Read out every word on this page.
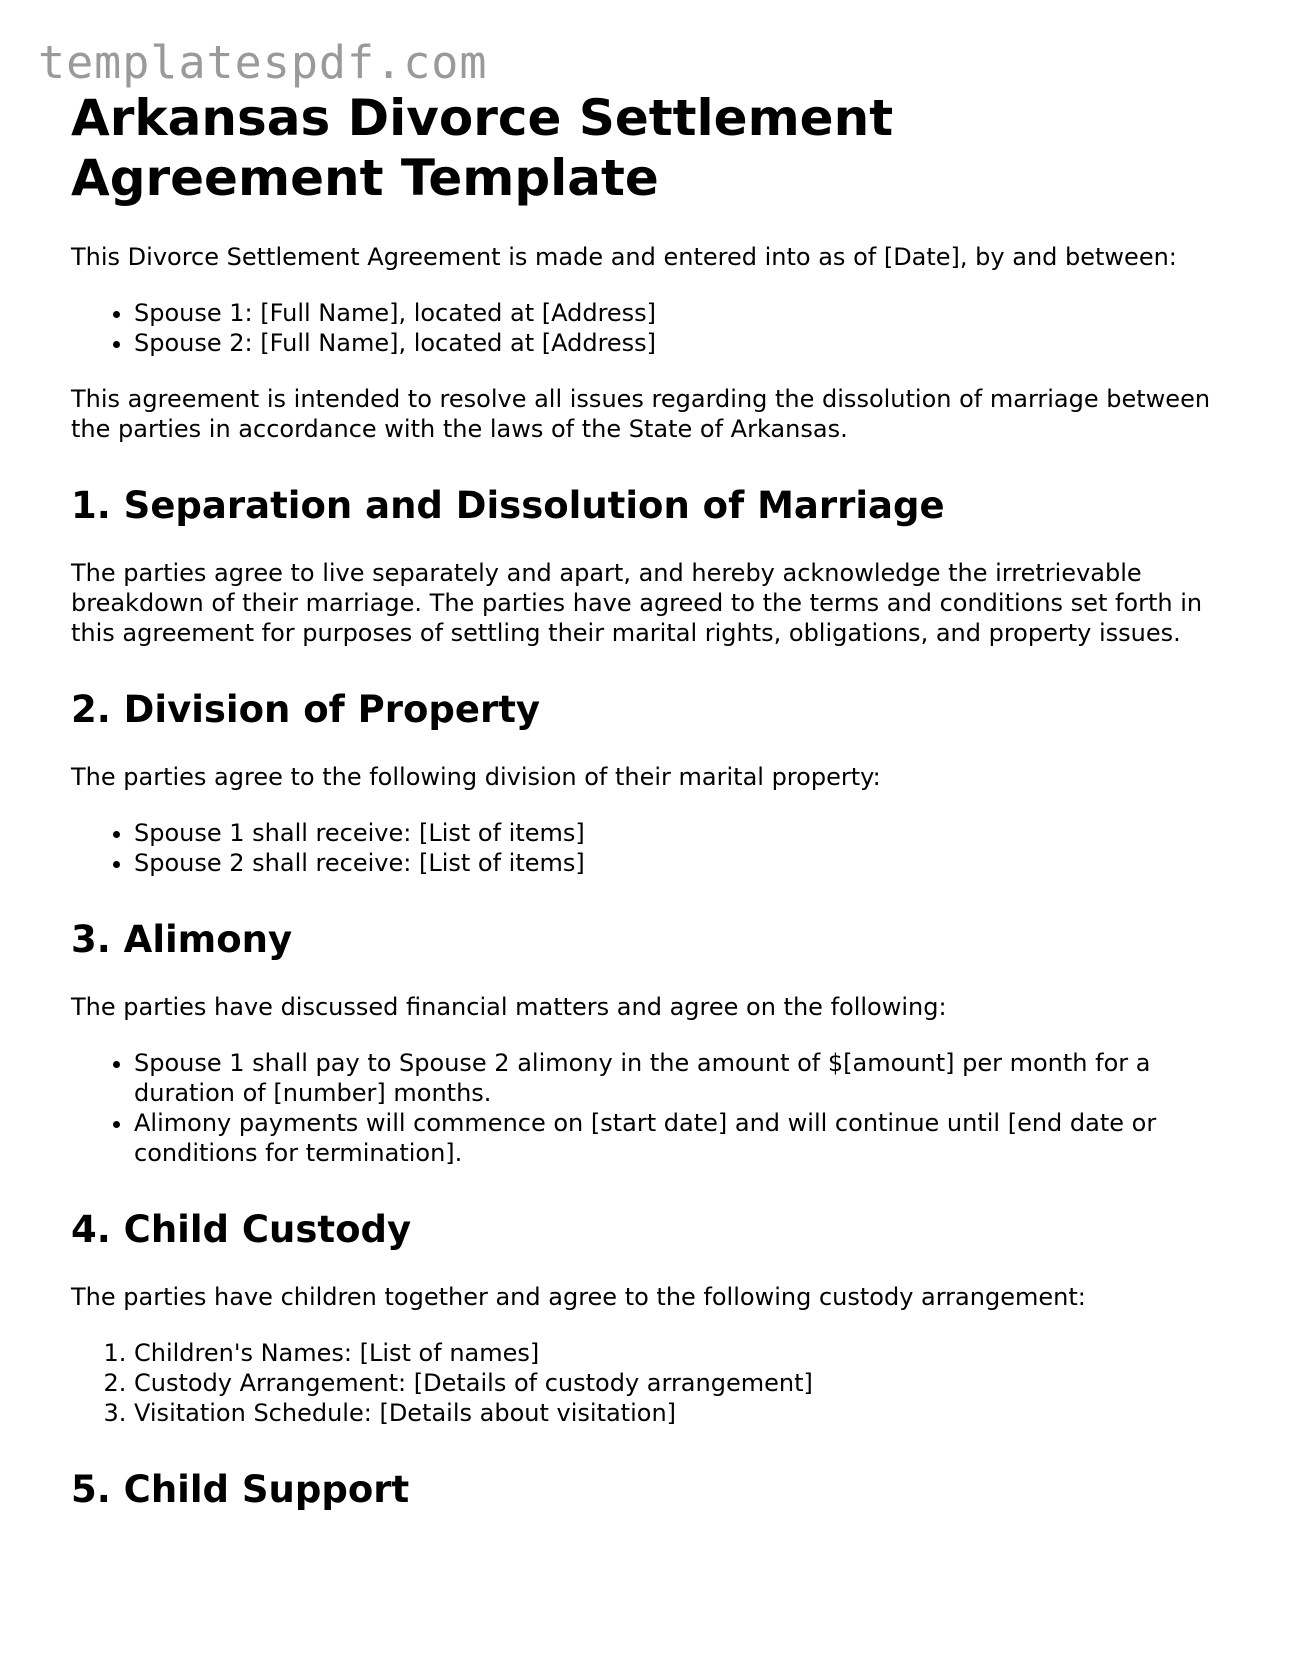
templatespdf.com
Arkansas Divorce Settlement Agreement Template

This Divorce Settlement Agreement is made and entered into as of [Date], by and between:

• Spouse 1: [Full Name], located at [Address]
• Spouse 2: [Full Name], located at [Address]

This agreement is intended to resolve all issues regarding the dissolution of marriage between the parties in accordance with the laws of the State of Arkansas.

1. Separation and Dissolution of Marriage

The parties agree to live separately and apart, and hereby acknowledge the irretrievable breakdown of their marriage. The parties have agreed to the terms and conditions set forth in this agreement for purposes of settling their marital rights, obligations, and property issues.

2. Division of Property

The parties agree to the following division of their marital property:

• Spouse 1 shall receive: [List of items]
• Spouse 2 shall receive: [List of items]
3. Alimony

The parties have discussed financial matters and agree on the following:

• Spouse 1 shall pay to Spouse 2 alimony in the amount of $[amount] per month for a duration of [number] months.
• Alimony payments will commence on [start date] and will continue until [end date or conditions for termination].
4. Child Custody

The parties have children together and agree to the following custody arrangement:

1. Children's Names: [List of names]
2. Custody Arrangement: [Details of custody arrangement]
3. Visitation Schedule: [Details about visitation]
5. Child Support
